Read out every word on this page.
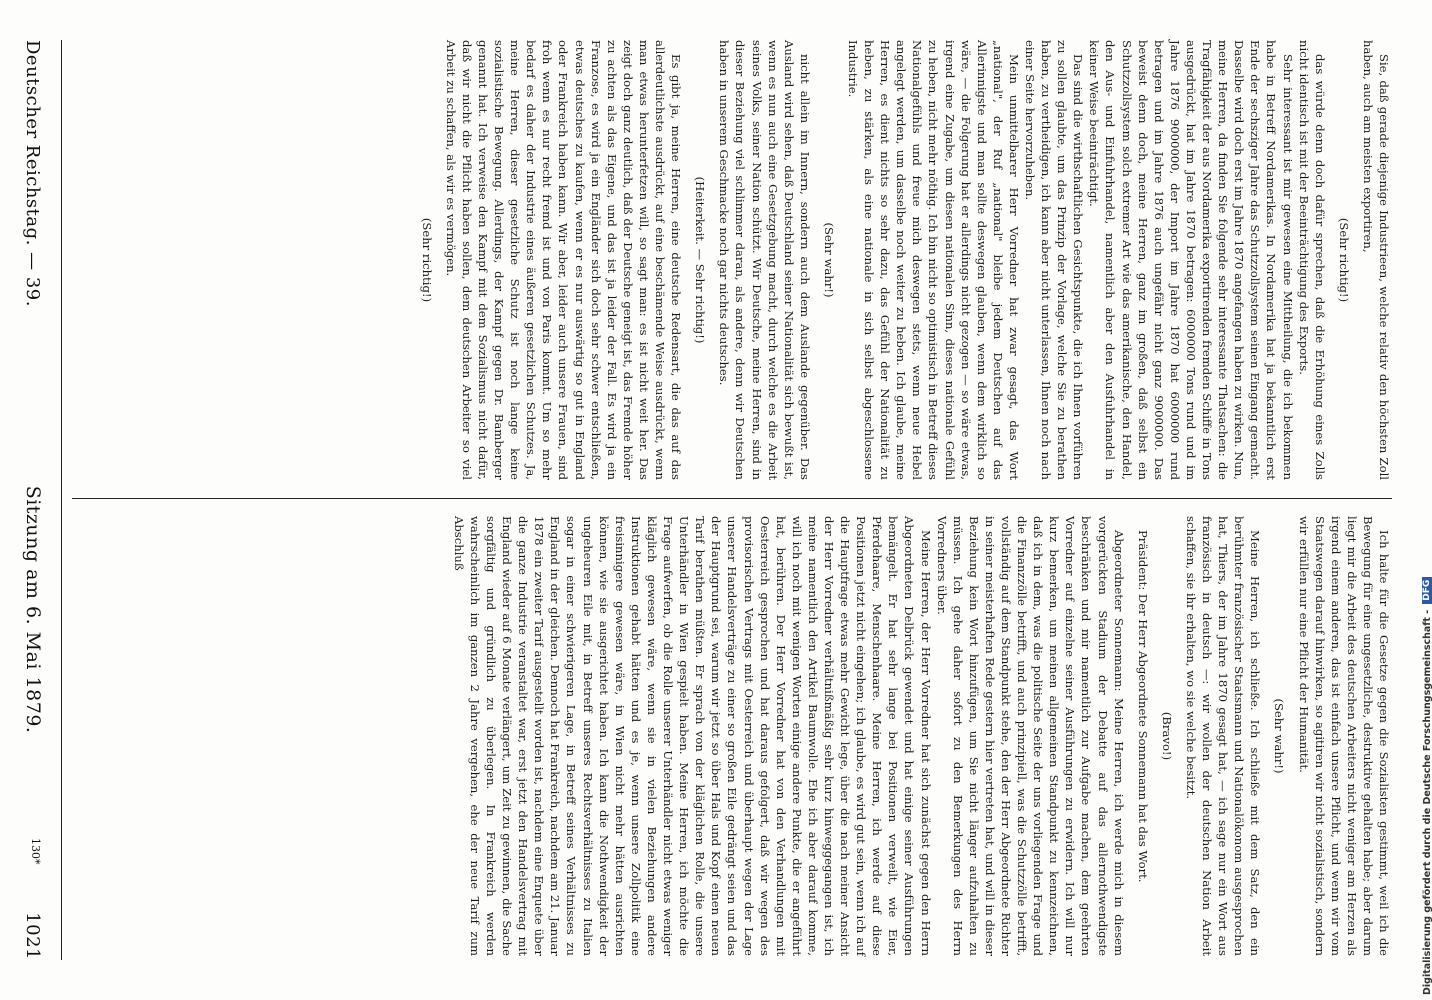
Deutscher Reichstag. — 39.
Sitzung am 6. Mai 1879.
1021

Sie, daß gerade diejenige Industrieen, welche relativ den höchsten Zoll haben, auch am meisten exportiren,

(Sehr richtig!)

das würde denn doch dafür sprechen, daß die Erhöhung eines Zolls nicht identisch ist mit der Beeinträchtigung des Exports.

Sehr interessant ist mir gewesen eine Mittheilung, die ich bekommen habe in Betreff Nordamerikas. In Nordamerika hat ja bekanntlich erst Ende der sechsziger Jahre das Schutzzollsystem seinen Eingang gemacht. Dasselbe wird doch erst im Jahre 1870 angefangen haben zu wirken. Nun, meine Herren, da finden Sie folgende sehr interessante Thatsachen: die Tragfähigkeit der aus Nordamerika exportirenden fremden Schiffe in Tons ausgedrückt, hat im Jahre 1870 betragen: 6000000 Tons rund und im Jahre 1876 9000000, der Import im Jahre 1870 hat 6000000 rund betragen und im Jahre 1876 auch ungefähr nicht ganz 9000000. Das beweist denn doch, meine Herren, ganz im großen, daß selbst ein Schutzzollsystem solch extremer Art wie das amerikanische, den Handel, den Aus- und Einfuhrhandel, namentlich aber den Ausfuhrhandel in keiner Weise beeinträchtigt.

Das sind die wirthschaftlichen Gesichtspunkte, die ich Ihnen vorführen zu sollen glaubte, um das Prinzip der Vorlage, welche Sie zu berathen haben, zu vertheidigen, ich kann aber nicht unterlassen, Ihnen noch nach einer Seite hervorzuheben.

Mein unmittelbarer Herr Vorredner hat zwar gesagt, das Wort „national", der Ruf „national" bleibe jedem Deutschen auf das Allerinnigste und man sollte deswegen glauben, wenn dem wirklich so wäre, — die Folgerung hat er allerdings nicht gezogen — so wäre etwas, irgend eine Zugabe, um diesen nationalen Sinn, dieses nationale Gefühl zu heben, nicht mehr nöthig. Ich bin nicht so optimistisch in Betreff dieses Nationalgefühls und freue mich deswegen stets, wenn neue Hebel angelegt werden, um dasselbe noch weiter zu heben. Ich glaube, meine Herren, es dient nichts so sehr dazu, das Gefühl der Nationalität zu heben, zu stärken, als eine nationale in sich selbst abgeschlossene Industrie.

(Sehr wahr!)

nicht allein im Innern, sondern auch dem Auslande gegenüber. Das Ausland wird sehen, daß Deutschland seiner Nationalität sich bewußt ist, wenn es nun auch eine Gesetzgebung macht, durch welche es die Arbeit seines Volks, seiner Nation schützt. Wir Deutsche, meine Herren, sind in dieser Beziehung viel schlimmer daran, als andere, denn wir Deutschen haben in unserem Geschmacke noch gar nichts deutsches.

(Heiterkeit. — Sehr richtig!)

Es gibt ja, meine Herren, eine deutsche Redensart, die das auf das allerdeutlichste ausdrückt, auf eine beschämende Weise ausdrückt, wenn man etwas herunterfetzen will, so sagt man: es ist nicht weit her. Das zeigt doch ganz deutlich, daß der Deutsche geneigt ist, das Fremde höher zu achten als das Eigene, und das ist ja leider der Fall. Es wird ja ein Franzose, es wird ja ein Engländer sich doch sehr schwer entschließen, etwas deutsches zu kaufen, wenn er es nur auswärtig so gut in England oder Frankreich haben kann. Wir aber, leider auch unsere Frauen, sind froh wenn es nur recht fremd ist und von Paris kommt. Um so mehr bedarf es daher der Industrie eines äußeren gesetzlichen Schutzes. Ja, meine Herren, dieser gesetzliche Schutz ist noch lange keine sozialistische Bewegung. Allerdings, der Kampf gegen Dr. Bamberger genannt hat. Ich verweise den Kampf mit dem Sozialismus nicht dafür, daß wir nicht die Pflicht haben sollen, dem deutschen Arbeiter so viel Arbeit zu schaffen, als wir es vermögen.

(Sehr richtig!)

Ich halte für die Gesetze gegen die Sozialisten gestimmt, weil ich die Bewegung für eine ungesetzliche, destruktive gehalten habe; aber darum liegt mir die Arbeit des deutschen Arbeiters nicht weniger am Herzen als irgend einem anderen, das ist einfach unsere Pflicht, und wenn wir vom Staatswegen darauf hinwirken, so agitiren wir nicht sozialistisch, sondern wir erfüllen nur eine Pflicht der Humanität.

(Sehr wahr!)

Meine Herren, ich schließe. Ich schließe mit dem Satz, den ein berühmter französischer Staatsmann und Nationalökonom ausgesprochen hat, Thiers, der im Jahre 1870 gesagt hat, — ich sage nur ein Wort aus französisch in deutsch —: wir wollen der deutschen Nation Arbeit schaffen, sie ihr erhalten, wo sie welche besitzt.

(Bravo!)

Präsident: Der Herr Abgeordnete Sonnemann hat das Wort.

Abgeordneter Sonnemann: Meine Herren, ich werde mich in diesem vorgerückten Stadium der Debatte auf das allernothwendigste beschränken und mir namentlich zur Aufgabe machen, dem geehrten Vorredner auf einzelne seiner Ausführungen zu erwidern. Ich will nur kurz bemerken, um meinen allgemeinen Standpunkt zu kennzeichnen, daß ich in dem, was die politische Seite der uns vorliegenden Frage und die Finanzzölle betrifft, und auch prinzipiell, was die Schutzzölle betrifft, vollständig auf dem Standpunkt stehe, den der Herr Abgeordnete Richter in seiner meisterhaften Rede gestern hier vertreten hat, und will in dieser Beziehung kein Wort hinzufügen, um Sie nicht länger aufzuhalten zu müssen. Ich gehe daher sofort zu den Bemerkungen des Herrn Vorredners über.

Meine Herren, der Herr Vorredner hat sich zunächst gegen den Herrn Abgeordneten Delbrück gewendet und hat einige seiner Ausführungen bemängelt. Er hat sehr lange bei Positionen verweilt, wie Eier, Pferdehaare, Menschenhaare. Meine Herren, ich werde auf diese Positionen jetzt nicht eingehen; ich glaube, es wird gut sein, wenn ich auf die Hauptfrage etwas mehr Gewicht lege, über die nach meiner Ansicht der Herr Vorredner verhältnißmäßig sehr kurz hinweggegangen ist, ich meine namentlich den Artikel Baumwolle. Ehe ich aber darauf komme, will ich noch mit wenigen Worten einige andere Punkte, die er angeführt hat, berühren. Der Herr Vorredner hat von den Verhandlungen mit Oesterreich gesprochen und hat daraus gefolgert, daß wir wegen des provisorischen Vertrags mit Oesterreich und überhaupt wegen der Lage unserer Handelsverträge zu einer so großen Eile gedrängt seien und das der Hauptgrund sei, warum wir jetzt so über Hals und Kopf einen neuen Tarif berathen müßten. Er sprach von der kläglichen Rolle, die unsere Unterhändler in Wien gespielt haben. Meine Herren, ich möchte die Frage aufwerfen, ob die Rolle unserer Unterhändler nicht etwas weniger kläglich gewesen wäre, wenn sie in vielen Beziehungen andere Instruktionen gehabt hätten und es je, wenn unsere Zollpolitik eine freisinnigere gewesen wäre, in Wien nicht mehr hätten ausrichten können, wie sie ausgerichtet haben. Ich kann die Nothwendigkeit der ungeheuren Eile mit, in Betreff unseres Rechtsverhältnisses zu Italien sogar in einer schwierigeren Lage, in Betreff seines Verhältnisses zu England in der gleichen. Dennoch hat Frankreich, nachdem am 21. Januar 1878 ein zweiter Tarif ausgestellt worden ist, nachdem eine Enquete über die ganze Industrie veranstaltet war, erst jetzt den Handelsvertrag mit England wieder auf 6 Monate verlängert, um Zeit zu gewinnen, die Sache sorgfältig und gründlich zu überlegen. In Frankreich werden wahrscheinlich im ganzen 2 Jahre vergehen, ehe der neue Tarif zum Abschluß

130*	Digitalisierung gefördert durch die Deutsche Forschungsgemeinschaft -
DFG
